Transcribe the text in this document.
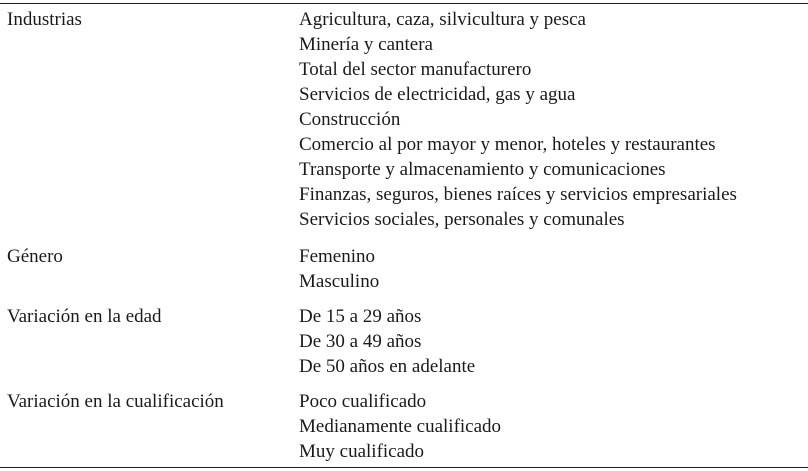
Industrias	Agricultura, caza, silvicultura y pesca
Minería y cantera
Total del sector manufacturero
Servicios de electricidad, gas y agua
Construcción
Comercio al por mayor y menor, hoteles y restaurantes
Transporte y almacenamiento y comunicaciones
Finanzas, seguros, bienes raíces y servicios empresariales
Servicios sociales, personales y comunales
Género	Femenino
Masculino
Variación en la edad	De 15 a 29 años
De 30 a 49 años
De 50 años en adelante
Variación en la cualificación	Poco cualificado
Medianamente cualificado
Muy cualificado
